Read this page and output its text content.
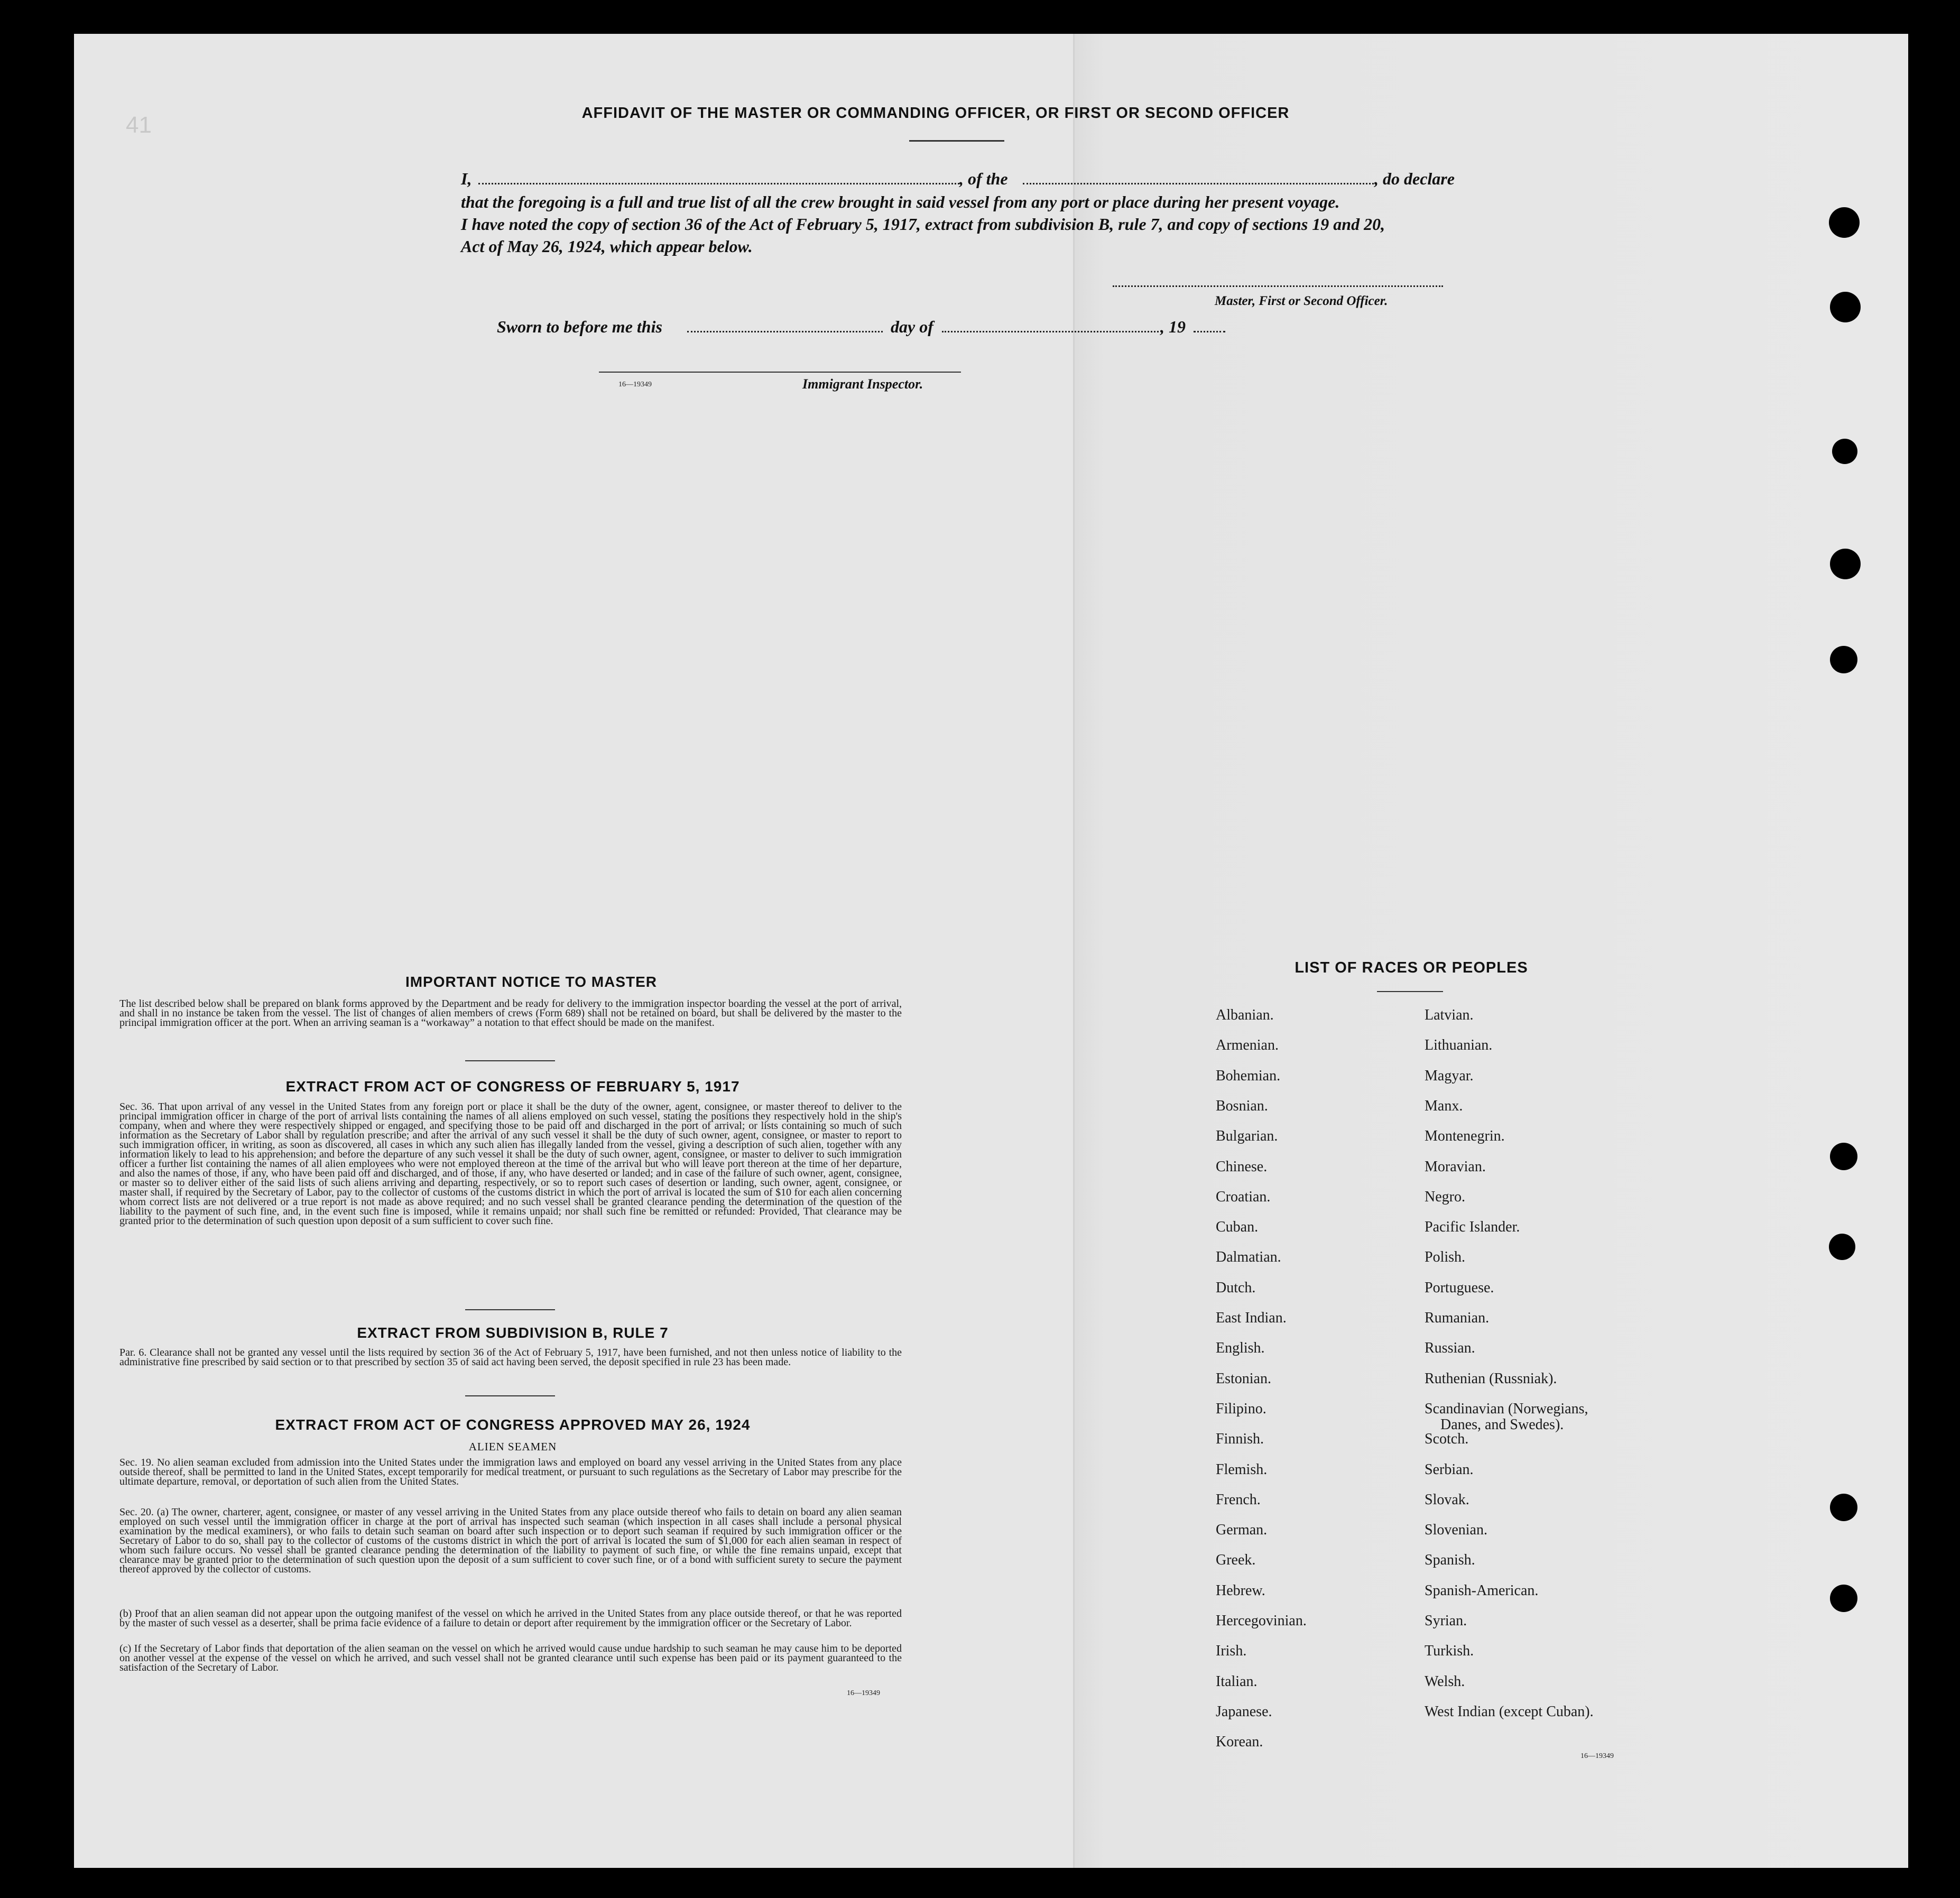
41	AFFIDAVIT OF THE MASTER OR COMMANDING OFFICER, OR FIRST OR SECOND OFFICER
I,	, of the	, do declare
that the foregoing is a full and true list of all the crew brought in said vessel from any port or place during her present voyage.
I have noted the copy of section 36 of the Act of February 5, 1917, extract from subdivision B, rule 7, and copy of sections 19 and 20,
Act of May 26, 1924, which appear below.
Master, First or Second Officer.
Sworn to before me this	day of	, 19
16—19349	Immigrant Inspector.
IMPORTANT NOTICE TO MASTER
The list described below shall be prepared on blank forms approved by the Department and be ready for delivery to the immigration inspector boarding the vessel at the port of arrival, and shall in no instance be taken from the vessel. The list of changes of alien members of crews (Form 689) shall not be retained on board, but shall be delivered by the master to the principal immigration officer at the port. When an arriving seaman is a “workaway” a notation to that effect should be made on the manifest.
EXTRACT FROM ACT OF CONGRESS OF FEBRUARY 5, 1917
Sec. 36. That upon arrival of any vessel in the United States from any foreign port or place it shall be the duty of the owner, agent, consignee, or master thereof to deliver to the principal immigration officer in charge of the port of arrival lists containing the names of all aliens employed on such vessel, stating the positions they respectively hold in the ship's company, when and where they were respectively shipped or engaged, and specifying those to be paid off and discharged in the port of arrival; or lists containing so much of such information as the Secretary of Labor shall by regulation prescribe; and after the arrival of any such vessel it shall be the duty of such owner, agent, consignee, or master to report to such immigration officer, in writing, as soon as discovered, all cases in which any such alien has illegally landed from the vessel, giving a description of such alien, together with any information likely to lead to his apprehension; and before the departure of any such vessel it shall be the duty of such owner, agent, consignee, or master to deliver to such immigration officer a further list containing the names of all alien employees who were not employed thereon at the time of the arrival but who will leave port thereon at the time of her departure, and also the names of those, if any, who have been paid off and discharged, and of those, if any, who have deserted or landed; and in case of the failure of such owner, agent, consignee, or master so to deliver either of the said lists of such aliens arriving and departing, respectively, or so to report such cases of desertion or landing, such owner, agent, consignee, or master shall, if required by the Secretary of Labor, pay to the collector of customs of the customs district in which the port of arrival is located the sum of $10 for each alien concerning whom correct lists are not delivered or a true report is not made as above required; and no such vessel shall be granted clearance pending the determination of the question of the liability to the payment of such fine, and, in the event such fine is imposed, while it remains unpaid; nor shall such fine be remitted or refunded: Provided, That clearance may be granted prior to the determination of such question upon deposit of a sum sufficient to cover such fine.
EXTRACT FROM SUBDIVISION B, RULE 7
Par. 6. Clearance shall not be granted any vessel until the lists required by section 36 of the Act of February 5, 1917, have been furnished, and not then unless notice of liability to the administrative fine prescribed by said section or to that prescribed by section 35 of said act having been served, the deposit specified in rule 23 has been made.
EXTRACT FROM ACT OF CONGRESS APPROVED MAY 26, 1924
ALIEN SEAMEN
Sec. 19. No alien seaman excluded from admission into the United States under the immigration laws and employed on board any vessel arriving in the United States from any place outside thereof, shall be permitted to land in the United States, except temporarily for medical treatment, or pursuant to such regulations as the Secretary of Labor may prescribe for the ultimate departure, removal, or deportation of such alien from the United States.
Sec. 20. (a) The owner, charterer, agent, consignee, or master of any vessel arriving in the United States from any place outside thereof who fails to detain on board any alien seaman employed on such vessel until the immigration officer in charge at the port of arrival has inspected such seaman (which inspection in all cases shall include a personal physical examination by the medical examiners), or who fails to detain such seaman on board after such inspection or to deport such seaman if required by such immigration officer or the Secretary of Labor to do so, shall pay to the collector of customs of the customs district in which the port of arrival is located the sum of $1,000 for each alien seaman in respect of whom such failure occurs. No vessel shall be granted clearance pending the determination of the liability to payment of such fine, or while the fine remains unpaid, except that clearance may be granted prior to the determination of such question upon the deposit of a sum sufficient to cover such fine, or of a bond with sufficient surety to secure the payment thereof approved by the collector of customs.
(b) Proof that an alien seaman did not appear upon the outgoing manifest of the vessel on which he arrived in the United States from any place outside thereof, or that he was reported by the master of such vessel as a deserter, shall be prima facie evidence of a failure to detain or deport after requirement by the immigration officer or the Secretary of Labor.
(c) If the Secretary of Labor finds that deportation of the alien seaman on the vessel on which he arrived would cause undue hardship to such seaman he may cause him to be deported on another vessel at the expense of the vessel on which he arrived, and such vessel shall not be granted clearance until such expense has been paid or its payment guaranteed to the satisfaction of the Secretary of Labor.
16—19349
LIST OF RACES OR PEOPLES
Albanian.
Armenian.
Bohemian.
Bosnian.
Bulgarian.
Chinese.
Croatian.
Cuban.
Dalmatian.
Dutch.
East Indian.
English.
Estonian.
Filipino.
Finnish.
Flemish.
French.
German.
Greek.
Hebrew.
Hercegovinian.
Irish.
Italian.
Japanese.
Korean.
Latvian.
Lithuanian.
Magyar.
Manx.
Montenegrin.
Moravian.
Negro.
Pacific Islander.
Polish.
Portuguese.
Rumanian.
Russian.
Ruthenian (Russniak).
Scandinavian (Norwegians,
Danes, and Swedes).
Scotch.
Serbian.
Slovak.
Slovenian.
Spanish.
Spanish-American.
Syrian.
Turkish.
Welsh.
West Indian (except Cuban).
16—19349
